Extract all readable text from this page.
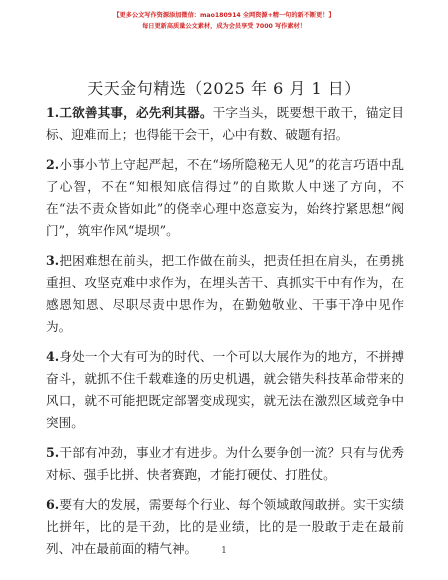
【更多公文写作资源添加微信：mao180914 全网资源+精一句的新不断更！】
每日更新高质量公文素材，成为会员享受 7000 写作素材！
天天金句精选（2025 年 6 月 1 日）

1.工欲善其事，必先利其器。干字当头，既要想干敢干，锚定目标、迎难而上；也得能干会干，心中有数、破题有招。

2.小事小节上守起严起，不在“场所隐秘无人见”的花言巧语中乱了心智，不在“知根知底信得过”的自欺欺人中迷了方向，不在“法不责众皆如此”的侥幸心理中恣意妄为，始终拧紧思想“阀门”，筑牢作风“堤坝”。

3.把困难想在前头，把工作做在前头，把责任担在肩头，在勇挑重担、攻坚克难中求作为，在埋头苦干、真抓实干中有作为，在感恩知恩、尽职尽责中思作为，在勤勉敬业、干事干净中见作为。

4.身处一个大有可为的时代、一个可以大展作为的地方，不拼搏奋斗，就抓不住千载难逢的历史机遇，就会错失科技革命带来的风口，就不可能把既定部署变成现实，就无法在激烈区域竞争中突围。

5.干部有冲劲，事业才有进步。为什么要争创一流？只有与优秀对标、强手比拼、快者赛跑，才能打硬仗、打胜仗。

6.要有大的发展，需要每个行业、每个领域敢闯敢拼。实干实绩比拼年，比的是干劲，比的是业绩，比的是一股敢于走在最前列、冲在最前面的精气神。	1
